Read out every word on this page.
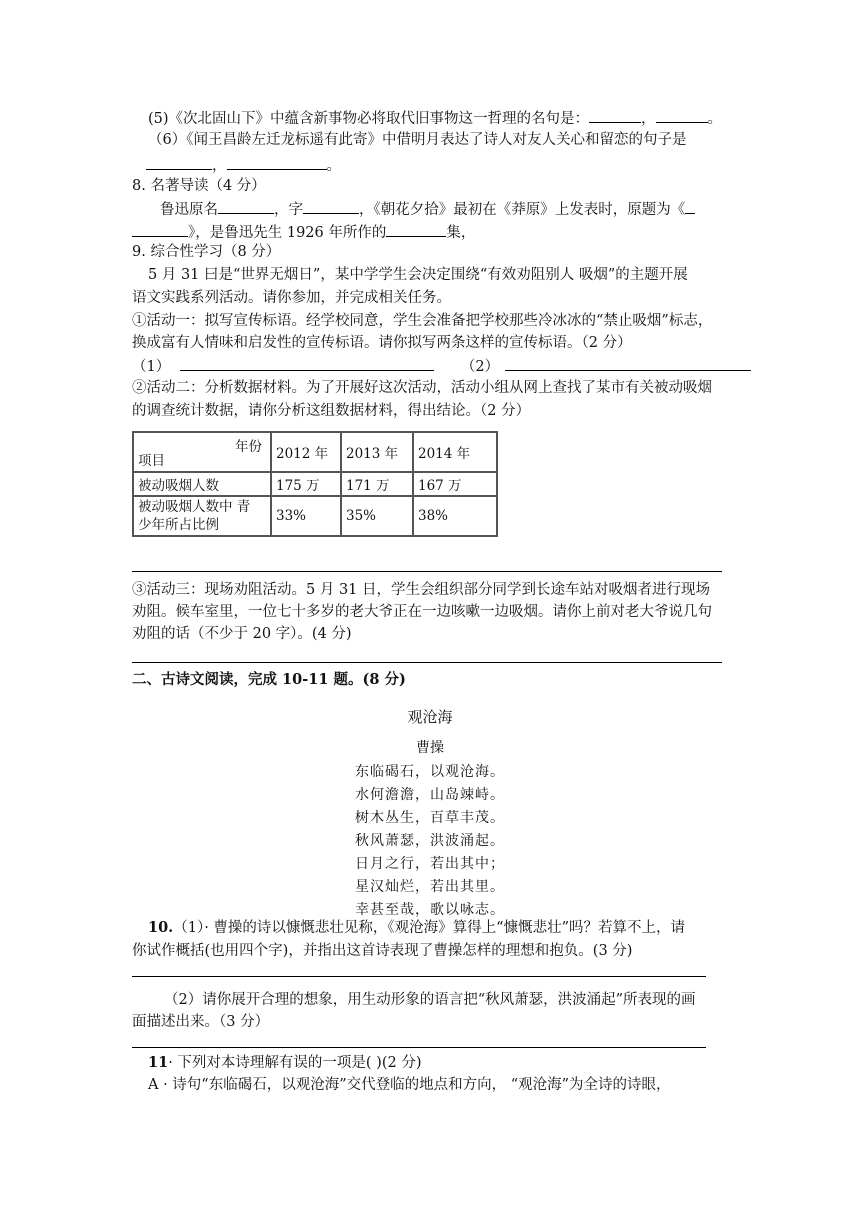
(5)《次北固山下》中蕴含新事物必将取代旧事物这一哲理的名句是：	，	。
（6）《闻王昌龄左迁龙标遥有此寄》中借明月表达了诗人对友人关心和留恋的句子是
，	。
8. 名著导读（4 分）
鲁迅原名	，字	，《朝花夕拾》最初在《莽原》上发表时，原题为《
》，是鲁迅先生 1926 年所作的	集，
9. 综合性学习（8 分）
5 月 31 曰是“世界无烟日”，某中学学生会决定围绕“有效劝阻别人 吸烟”的主题开展
语文实践系列活动。请你参加，并完成相关任务。
①活动一：拟写宣传标语。经学校同意，学生会准备把学校那些冷冰冰的“禁止吸烟”标志，
换成富有人情味和启发性的宣传标语。请你拟写两条这样的宣传标语。（2 分）
（1）	（2）
②活动二：分析数据材料。为了开展好这次活动，活动小组从网上查找了某市有关被动吸烟
的调查统计数据，请你分析这组数据材料，得出结论。（2 分）
年份
项目	2012 年	2013 年	2014 年
被动吸烟人数	175 万	171 万	167 万
被动吸烟人数中 青
少年所占比例	33%	35%	38%
③活动三：现场劝阻活动。5 月 31 日，学生会组织部分同学到长途车站对吸烟者进行现场
劝阻。候车室里，一位七十多岁的老大爷正在一边咳嗽一边吸烟。请你上前对老大爷说几句
劝阻的话（不少于 20 字）。(4 分)
二、古诗文阅读，完成 10-11 题。(8 分)
观沧海
曹操
东临碣石，以观沧海。
水何澹澹，山岛竦峙。
树木丛生，百草丰茂。
秋风萧瑟，洪波涌起。
日月之行，若出其中；
星汉灿烂，若出其里。
幸甚至哉，歌以咏志。
10.（1）· 曹操的诗以慷慨悲壮见称，《观沧海》算得上“慷慨悲壮”吗？若算不上，请
你试作概括(也用四个字)，并指出这首诗表现了曹操怎样的理想和抱负。(3 分)
（2）请你展开合理的想象，用生动形象的语言把“秋风萧瑟，洪波涌起”所表现的画
面描述出来。（3 分）
11· 下列对本诗理解有误的一项是( )(2 分)
A · 诗句“东临碣石，以观沧海”交代登临的地点和方向， “观沧海”为全诗的诗眼，
